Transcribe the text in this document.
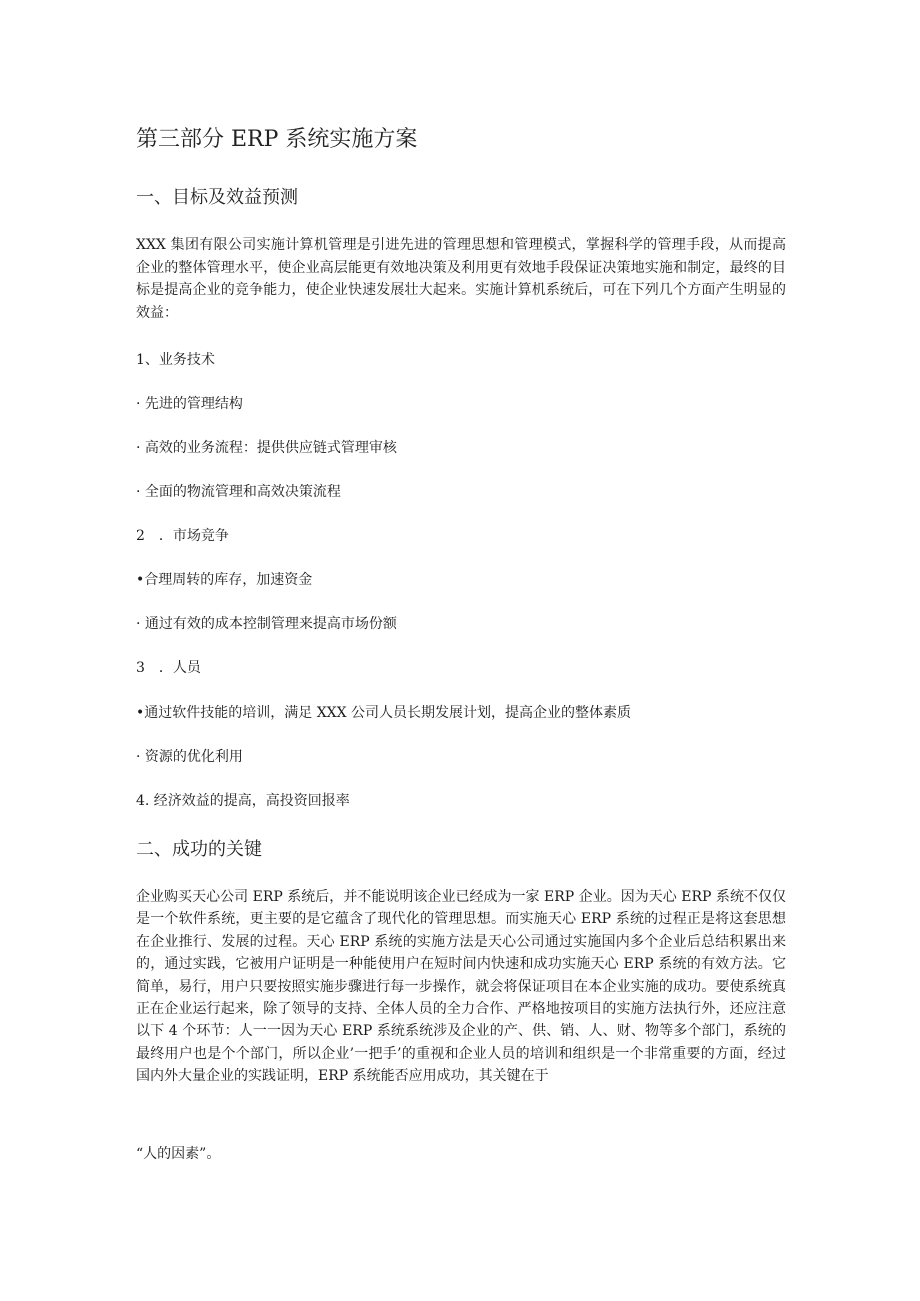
第三部分 ERP 系统实施方案
一、目标及效益预测
XXX 集团有限公司实施计算机管理是引进先进的管理思想和管理模式，掌握科学的管理手段，从而提高企业的整体管理水平，使企业高层能更有效地决策及利用更有效地手段保证决策地实施和制定，最终的目标是提高企业的竞争能力，使企业快速发展壮大起来。实施计算机系统后，可在下列几个方面产生明显的效益：
1、业务技术
· 先进的管理结构
· 高效的业务流程：提供供应链式管理审核
· 全面的物流管理和高效决策流程
2　．市场竞争
•合理周转的库存，加速资金
· 通过有效的成本控制管理来提高市场份额
3　．人员
•通过软件技能的培训，满足 XXX 公司人员长期发展计划，提高企业的整体素质
· 资源的优化利用
4. 经济效益的提高，高投资回报率
二、成功的关键
企业购买天心公司 ERP 系统后，并不能说明该企业已经成为一家 ERP 企业。因为天心 ERP 系统不仅仅是一个软件系统，更主要的是它蕴含了现代化的管理思想。而实施天心 ERP 系统的过程正是将这套思想在企业推行、发展的过程。天心 ERP 系统的实施方法是天心公司通过实施国内多个企业后总结积累出来的，通过实践，它被用户证明是一种能使用户在短时间内快速和成功实施天心 ERP 系统的有效方法。它简单，易行，用户只要按照实施步骤进行每一步操作，就会将保证项目在本企业实施的成功。要使系统真正在企业运行起来，除了领导的支持、全体人员的全力合作、严格地按项目的实施方法执行外，还应注意以下 4 个环节：人一一因为天心 ERP 系统系统涉及企业的产、供、销、人、财、物等多个部门，系统的最终用户也是个个部门，所以企业’一把手’的重视和企业人员的培训和组织是一个非常重要的方面，经过国内外大量企业的实践证明，ERP 系统能否应用成功，其关键在于
“人的因素”。
